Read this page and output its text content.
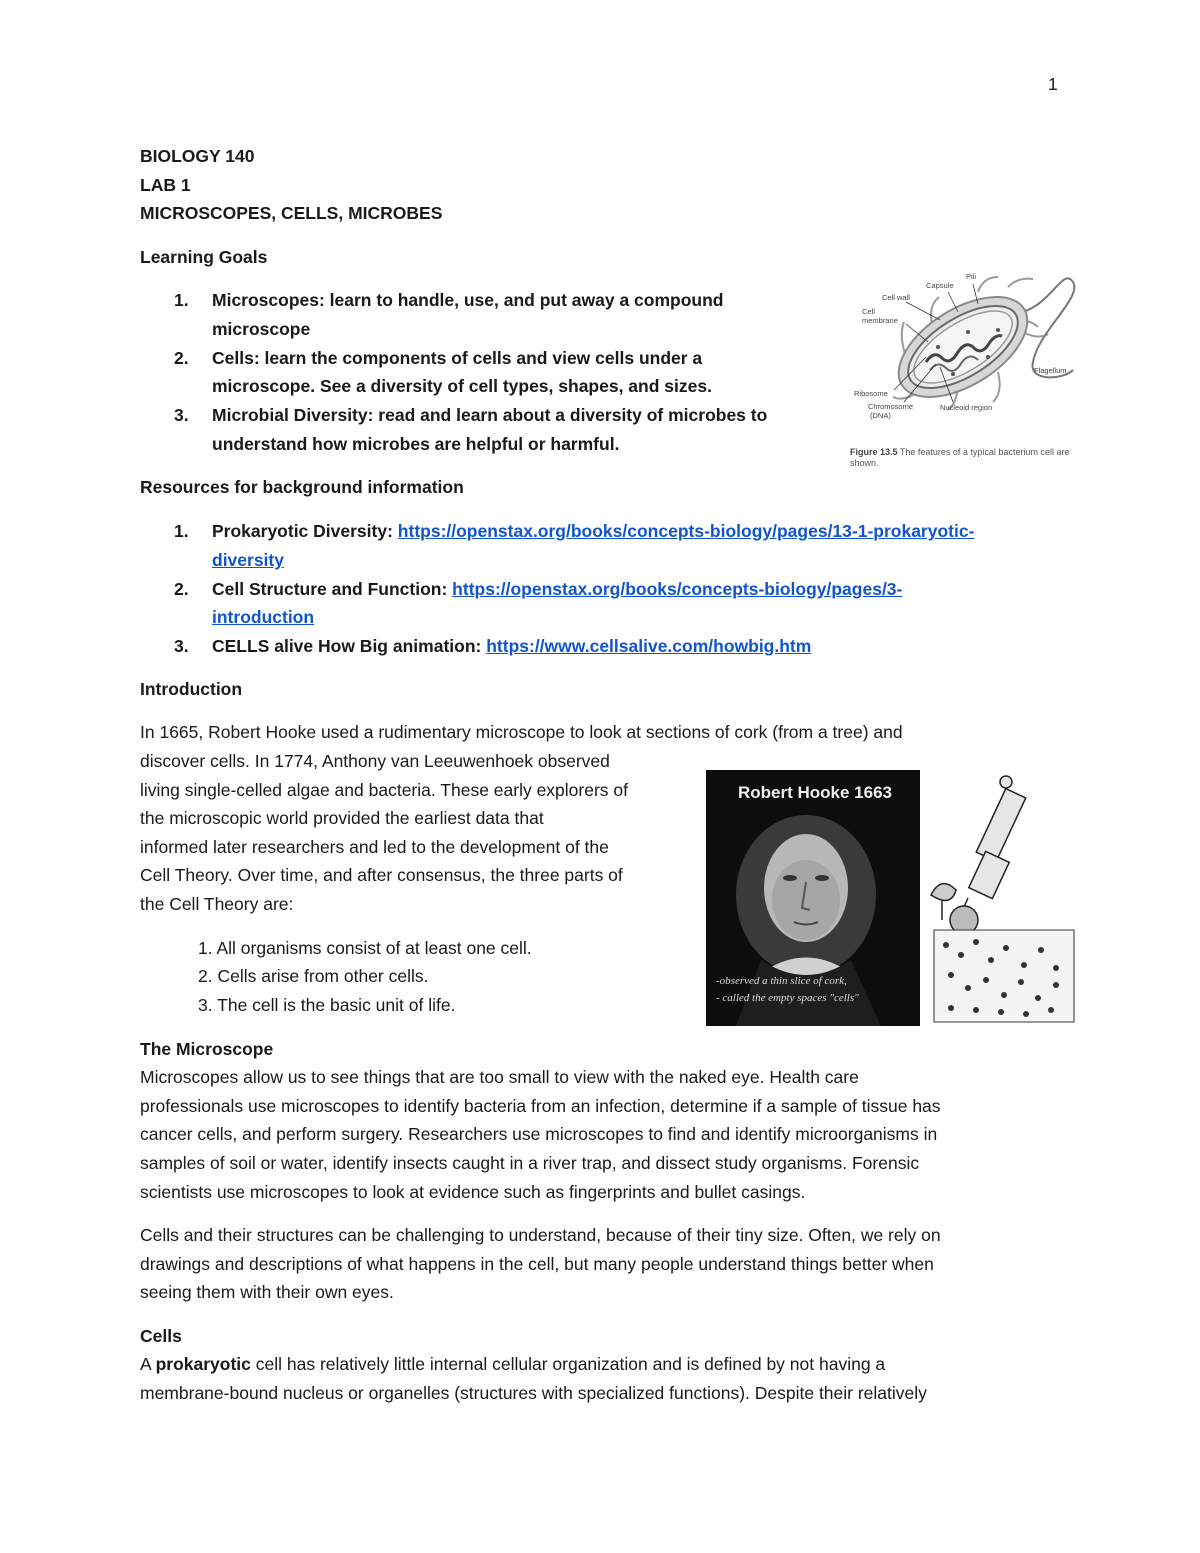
1
BIOLOGY 140
LAB 1
MICROSCOPES, CELLS, MICROBES
Learning Goals
1. Microscopes: learn to handle, use, and put away a compound
microscope
2. Cells: learn the components of cells and view cells under a
microscope. See a diversity of cell types, shapes, and sizes.
3. Microbial Diversity: read and learn about a diversity of microbes to
understand how microbes are helpful or harmful.
Pili
Capsule
Cell wall
Cell
membrane
Flagellum
Ribosome
Chromosome
(DNA)
Nucleoid region
Figure 13.5 The features of a typical bacterium cell are
shown.
Resources for background information
1. Prokaryotic Diversity: https://openstax.org/books/concepts-biology/pages/13-1-prokaryotic-
diversity
2. Cell Structure and Function: https://openstax.org/books/concepts-biology/pages/3-
introduction
3. CELLS alive How Big animation: https://www.cellsalive.com/howbig.htm
Introduction
In 1665, Robert Hooke used a rudimentary microscope to look at sections of cork (from a tree) and
discover cells. In 1774, Anthony van Leeuwenhoek observed
living single-celled algae and bacteria. These early explorers of
the microscopic world provided the earliest data that
informed later researchers and led to the development of the
Cell Theory. Over time, and after consensus, the three parts of
the Cell Theory are:
1. All organisms consist of at least one cell.
2. Cells arise from other cells.
3. The cell is the basic unit of life.
Robert Hooke 1663
-observed a thin slice of cork,
- called the empty spaces "cells"
The Microscope
Microscopes allow us to see things that are too small to view with the naked eye. Health care
professionals use microscopes to identify bacteria from an infection, determine if a sample of tissue has
cancer cells, and perform surgery. Researchers use microscopes to find and identify microorganisms in
samples of soil or water, identify insects caught in a river trap, and dissect study organisms. Forensic
scientists use microscopes to look at evidence such as fingerprints and bullet casings.
Cells and their structures can be challenging to understand, because of their tiny size. Often, we rely on
drawings and descriptions of what happens in the cell, but many people understand things better when
seeing them with their own eyes.
Cells
A prokaryotic cell has relatively little internal cellular organization and is defined by not having a
membrane-bound nucleus or organelles (structures with specialized functions). Despite their relatively
